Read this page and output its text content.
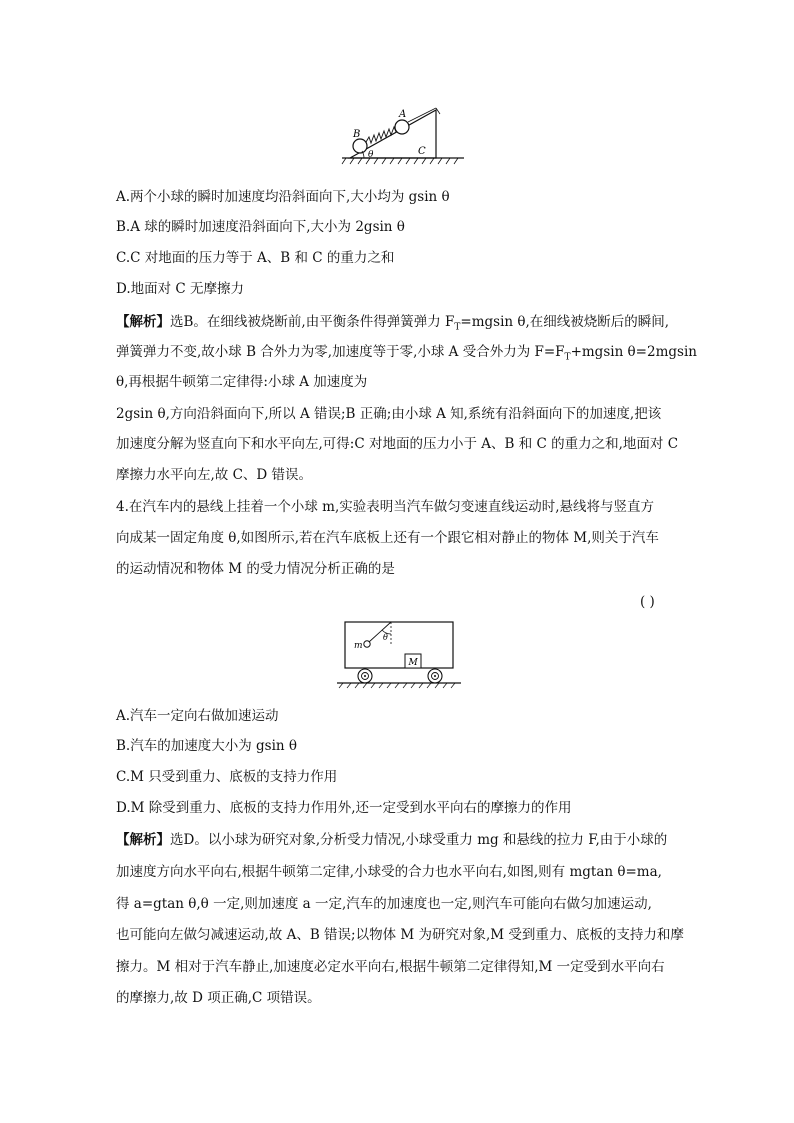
B
A
C
θ
A.两个小球的瞬时加速度均沿斜面向下,大小均为 gsin θ
B.A 球的瞬时加速度沿斜面向下,大小为 2gsin θ
C.C 对地面的压力等于 A、B 和 C 的重力之和
D.地面对 C 无摩擦力
【解析】选B。在细线被烧断前,由平衡条件得弹簧弹力 $F_T=mgsin$ θ,在细线被烧断后的瞬间,
弹簧弹力不变,故小球 B 合外力为零,加速度等于零,小球 A 受合外力为 $F=F_T+mgsin$ θ=2mgsin
θ,再根据牛顿第二定律得:小球 A 加速度为
2gsin θ,方向沿斜面向下,所以 A 错误;B 正确;由小球 A 知,系统有沿斜面向下的加速度,把该
加速度分解为竖直向下和水平向左,可得:C 对地面的压力小于 A、B 和 C 的重力之和,地面对 C
摩擦力水平向左,故 C、D 错误。
4.在汽车内的悬线上挂着一个小球 m,实验表明当汽车做匀变速直线运动时,悬线将与竖直方
向成某一固定角度 θ,如图所示,若在汽车底板上还有一个跟它相对静止的物体 M,则关于汽车
的运动情况和物体 M 的受力情况分析正确的是
( )
θ
m
M
A.汽车一定向右做加速运动
B.汽车的加速度大小为 gsin θ
C.M 只受到重力、底板的支持力作用
D.M 除受到重力、底板的支持力作用外,还一定受到水平向右的摩擦力的作用
【解析】选D。以小球为研究对象,分析受力情况,小球受重力 mg 和悬线的拉力 F,由于小球的
加速度方向水平向右,根据牛顿第二定律,小球受的合力也水平向右,如图,则有 mgtan θ=ma,
得 a=gtan θ,θ 一定,则加速度 a 一定,汽车的加速度也一定,则汽车可能向右做匀加速运动,
也可能向左做匀减速运动,故 A、B 错误;以物体 M 为研究对象,M 受到重力、底板的支持力和摩
擦力。M 相对于汽车静止,加速度必定水平向右,根据牛顿第二定律得知,M 一定受到水平向右
的摩擦力,故 D 项正确,C 项错误。
